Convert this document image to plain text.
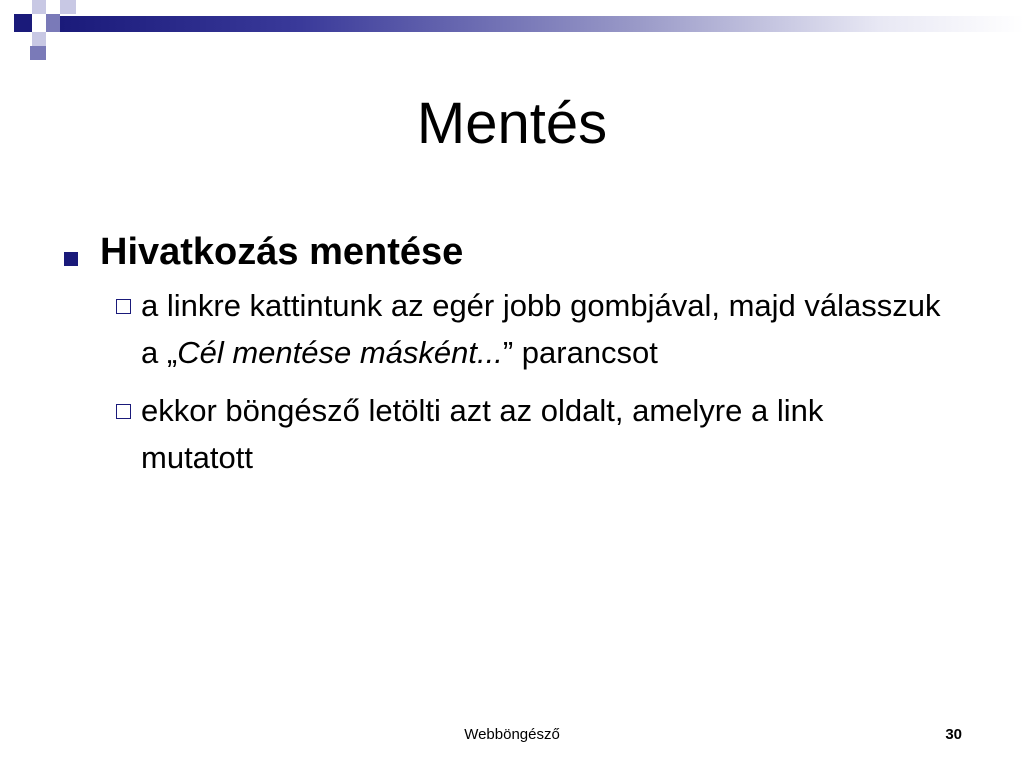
Mentés
Hivatkozás mentése
a linkre kattintunk az egér jobb gombjával, majd válasszuk a „Cél mentése másként...” parancsot
ekkor böngésző letölti azt az oldalt, amelyre a link mutatott
Webböngésző	30
